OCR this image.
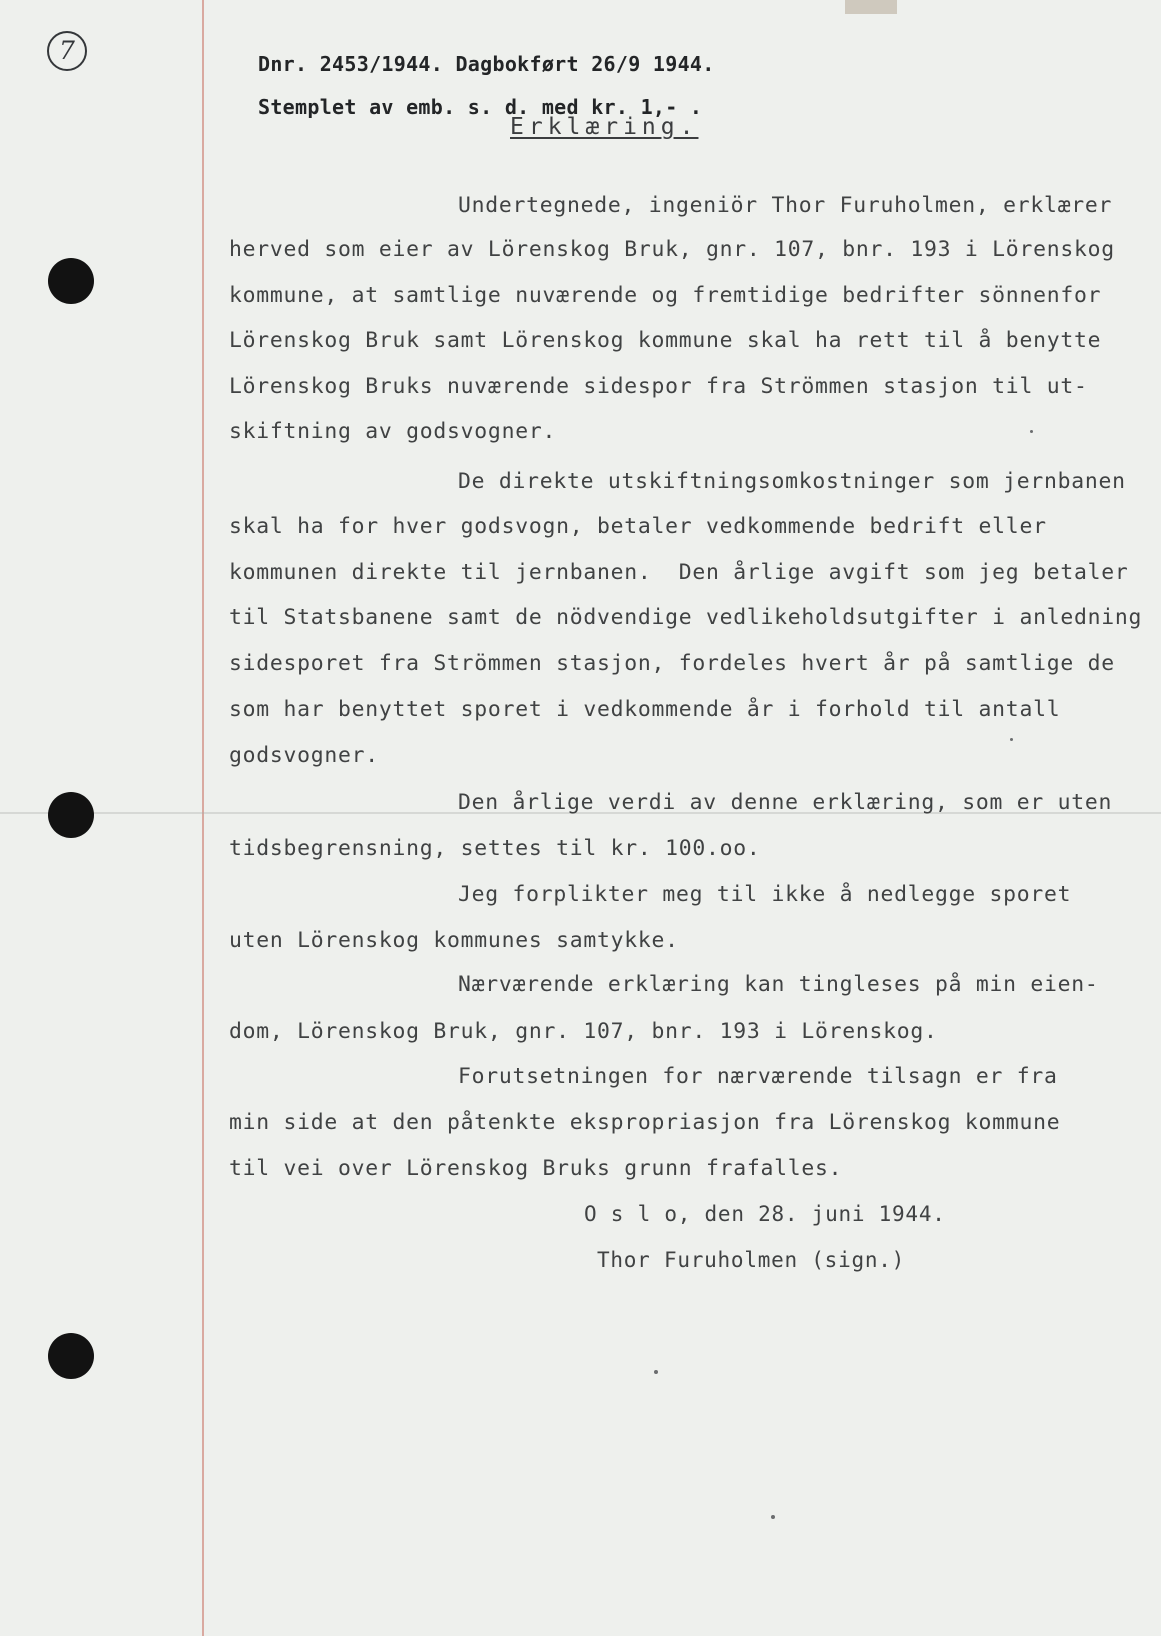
7	Dnr. 2453/1944. Dagbokført 26/9 1944.
Stemplet av emb. s. d. med kr. 1,- .
Erklæring.
Undertegnede, ingeniör Thor Furuholmen, erklærer
herved som eier av Lörenskog Bruk, gnr. 107, bnr. 193 i Lörenskog
kommune, at samtlige nuværende og fremtidige bedrifter sönnenfor
Lörenskog Bruk samt Lörenskog kommune skal ha rett til å benytte
Lörenskog Bruks nuværende sidespor fra Strömmen stasjon til ut-
skiftning av godsvogner.
De direkte utskiftningsomkostninger som jernbanen
skal ha for hver godsvogn, betaler vedkommende bedrift eller
kommunen direkte til jernbanen.  Den årlige avgift som jeg betaler
til Statsbanene samt de nödvendige vedlikeholdsutgifter i anledning
sidesporet fra Strömmen stasjon, fordeles hvert år på samtlige de
som har benyttet sporet i vedkommende år i forhold til antall
godsvogner.
Den årlige verdi av denne erklæring, som er uten
tidsbegrensning, settes til kr. 100.oo.
Jeg forplikter meg til ikke å nedlegge sporet
uten Lörenskog kommunes samtykke.
Nærværende erklæring kan tingleses på min eien-
dom, Lörenskog Bruk, gnr. 107, bnr. 193 i Lörenskog.
Forutsetningen for nærværende tilsagn er fra
min side at den påtenkte ekspropriasjon fra Lörenskog kommune
til vei over Lörenskog Bruks grunn frafalles.
O s l o, den 28. juni 1944.
Thor Furuholmen (sign.)
